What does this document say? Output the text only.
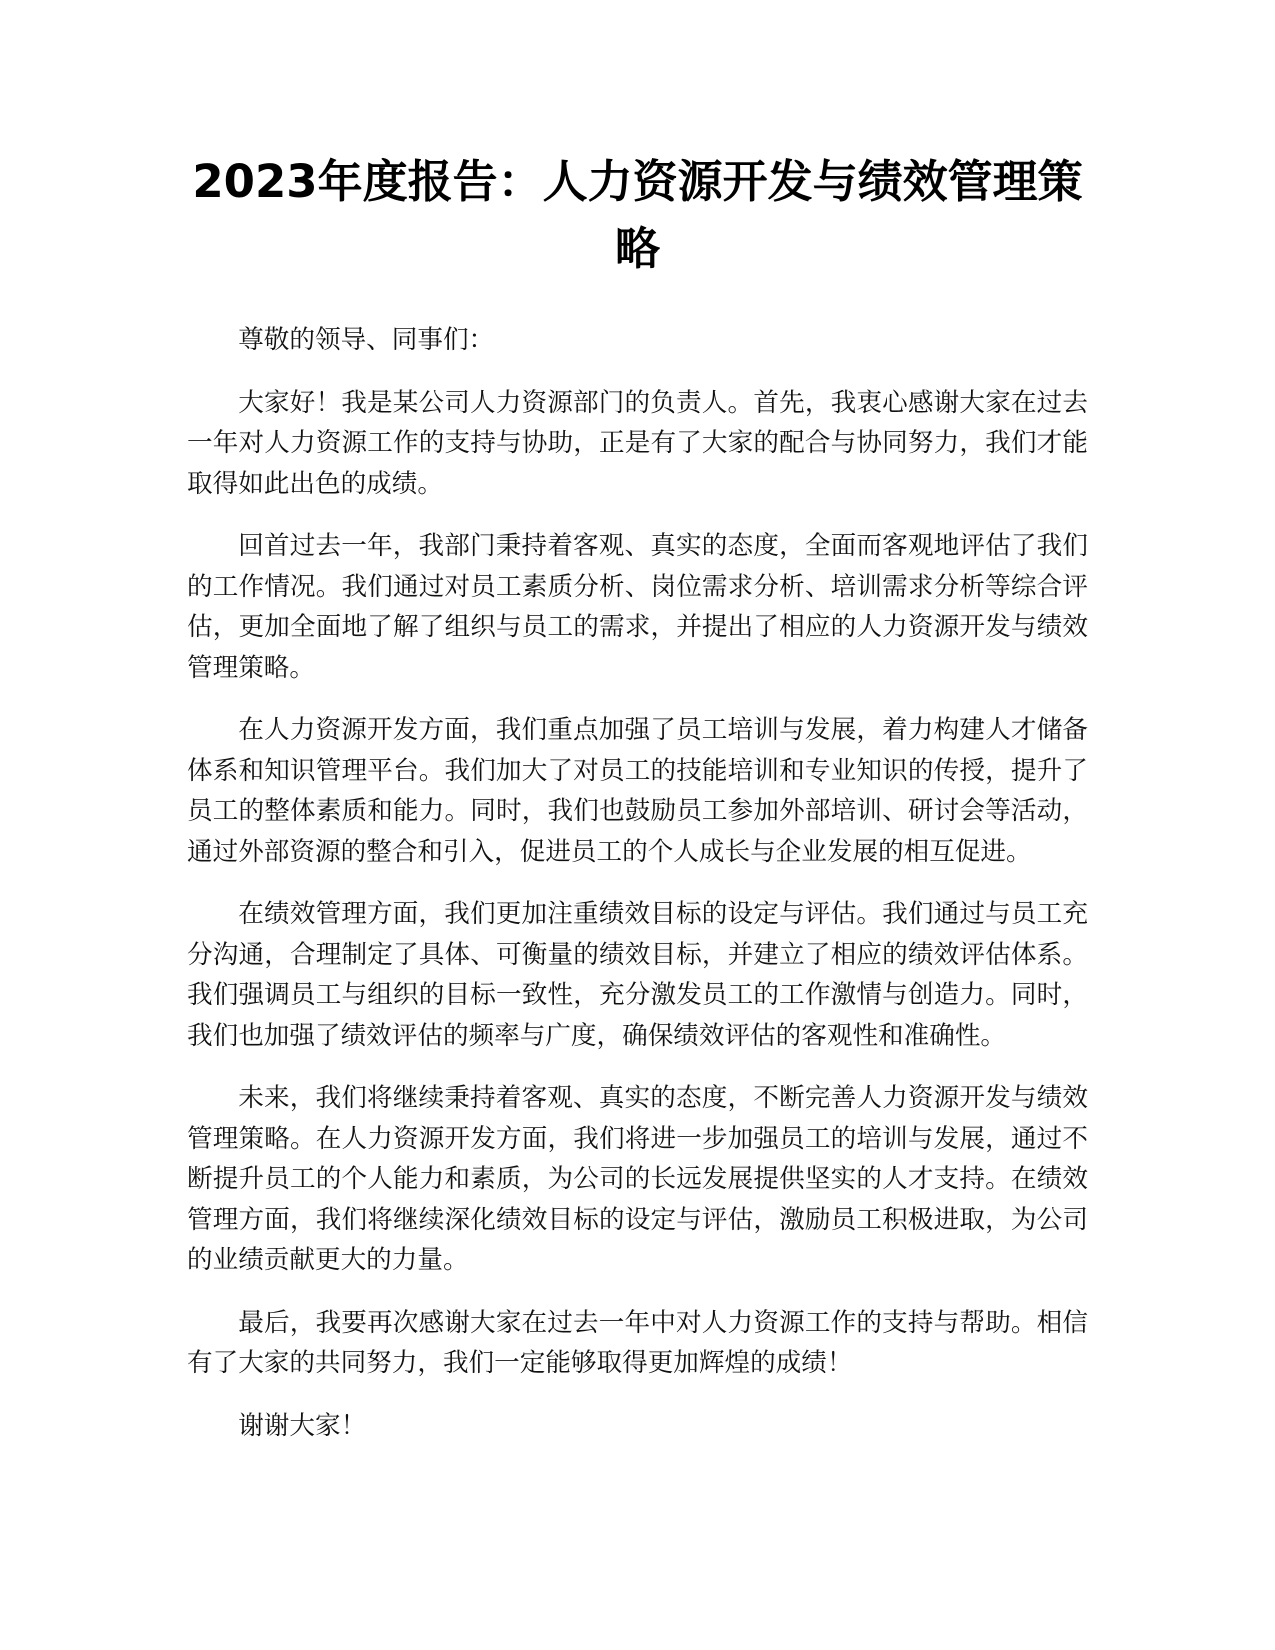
2023年度报告：人力资源开发与绩效管理策略

尊敬的领导、同事们：

大家好！我是某公司人力资源部门的负责人。首先，我衷心感谢大家在过去一年对人力资源工作的支持与协助，正是有了大家的配合与协同努力，我们才能取得如此出色的成绩。

回首过去一年，我部门秉持着客观、真实的态度，全面而客观地评估了我们的工作情况。我们通过对员工素质分析、岗位需求分析、培训需求分析等综合评估，更加全面地了解了组织与员工的需求，并提出了相应的人力资源开发与绩效管理策略。

在人力资源开发方面，我们重点加强了员工培训与发展，着力构建人才储备体系和知识管理平台。我们加大了对员工的技能培训和专业知识的传授，提升了员工的整体素质和能力。同时，我们也鼓励员工参加外部培训、研讨会等活动，通过外部资源的整合和引入，促进员工的个人成长与企业发展的相互促进。

在绩效管理方面，我们更加注重绩效目标的设定与评估。我们通过与员工充分沟通，合理制定了具体、可衡量的绩效目标，并建立了相应的绩效评估体系。我们强调员工与组织的目标一致性，充分激发员工的工作激情与创造力。同时，我们也加强了绩效评估的频率与广度，确保绩效评估的客观性和准确性。

未来，我们将继续秉持着客观、真实的态度，不断完善人力资源开发与绩效管理策略。在人力资源开发方面，我们将进一步加强员工的培训与发展，通过不断提升员工的个人能力和素质，为公司的长远发展提供坚实的人才支持。在绩效管理方面，我们将继续深化绩效目标的设定与评估，激励员工积极进取，为公司的业绩贡献更大的力量。

最后，我要再次感谢大家在过去一年中对人力资源工作的支持与帮助。相信有了大家的共同努力，我们一定能够取得更加辉煌的成绩！

谢谢大家！
